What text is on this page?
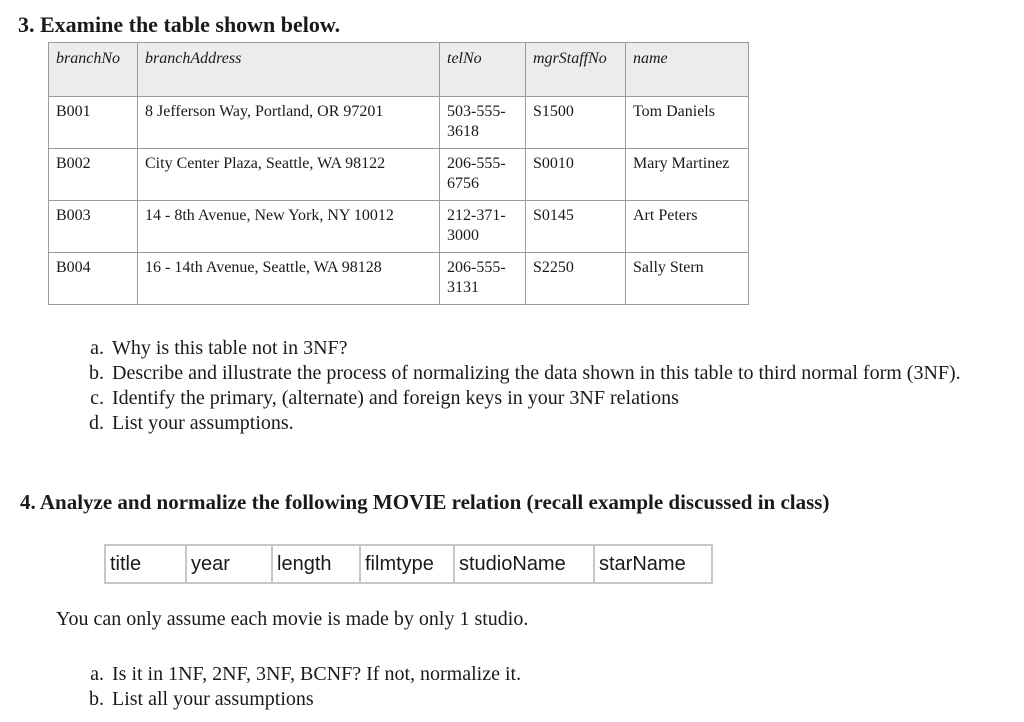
3. Examine the table shown below.
branchNo	branchAddress	telNo	mgrStaffNo	name
B001	8 Jefferson Way, Portland, OR 97201	503-555-3618	S1500	Tom Daniels
B002	City Center Plaza, Seattle, WA 98122	206-555-6756	S0010	Mary Martinez
B003	14 - 8th Avenue, New York, NY 10012	212-371-3000	S0145	Art Peters
B004	16 - 14th Avenue, Seattle, WA 98128	206-555-3131	S2250	Sally Stern
a. Why is this table not in 3NF?
b. Describe and illustrate the process of normalizing the data shown in this table to third normal form (3NF).
c. Identify the primary, (alternate) and foreign keys in your 3NF relations
d. List your assumptions.
4. Analyze and normalize the following MOVIE relation (recall example discussed in class)
title	year	length	filmtype	studioName	starName

You can only assume each movie is made by only 1 studio.

a. Is it in 1NF, 2NF, 3NF, BCNF? If not, normalize it.
b. List all your assumptions
